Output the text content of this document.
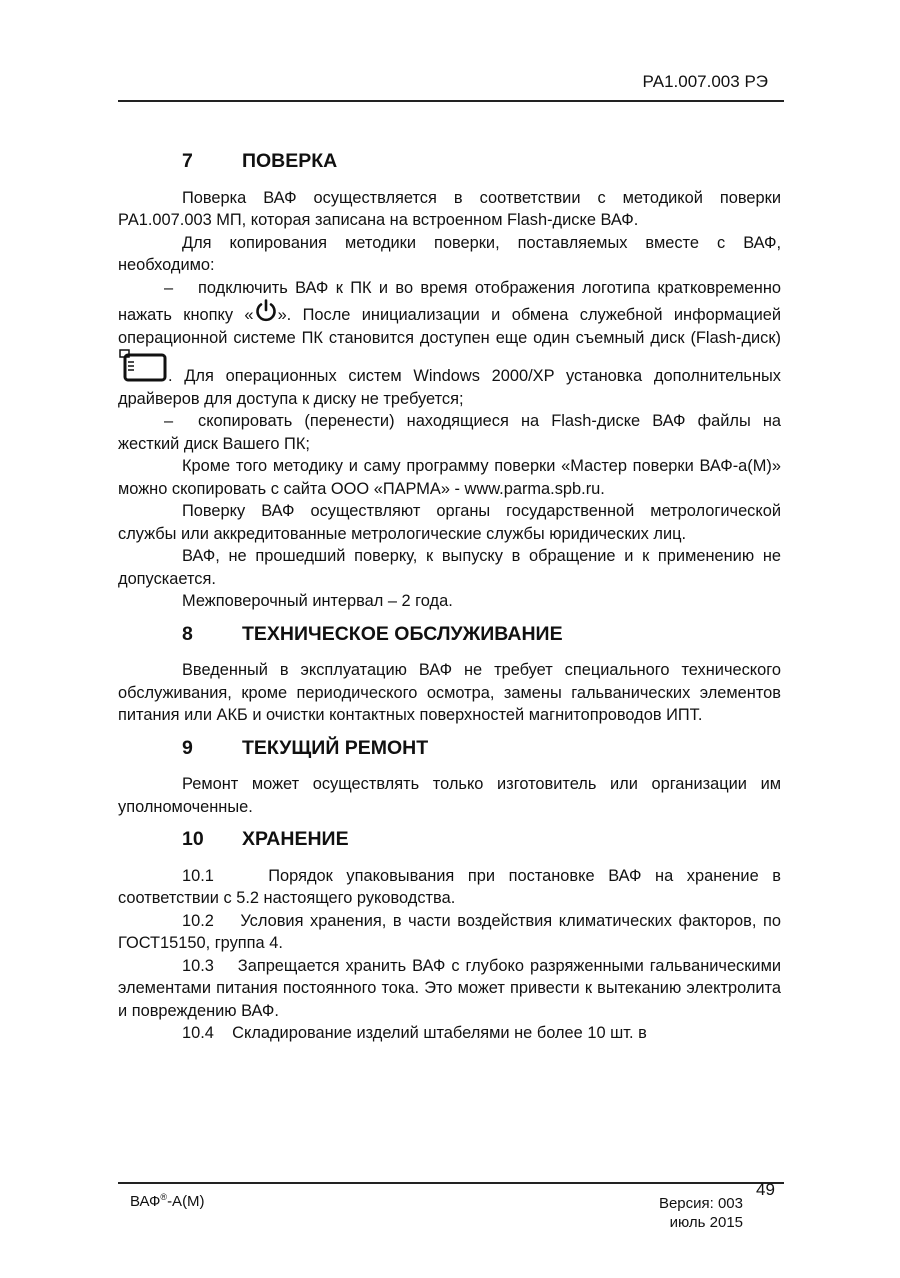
РА1.007.003 РЭ
7	ПОВЕРКА

Поверка ВАФ осуществляется в соответствии с методикой поверки РА1.007.003 МП, которая записана на встроенном Flash-диске ВАФ.

Для копирования методики поверки, поставляемых вместе с ВАФ, необходимо:

– подключить ВАФ к ПК и во время отображения логотипа кратковременно нажать кнопку « ». После инициализации и обмена служебной информацией операционной системе ПК становится доступен еще один съемный диск (Flash-диск) . Для операционных систем Windows 2000/XP установка дополнительных драйверов для доступа к диску не требуется;

– скопировать (перенести) находящиеся на Flash-диске ВАФ файлы на жесткий диск Вашего ПК;

Кроме того методику и саму программу поверки «Мастер поверки ВАФ-а(М)» можно скопировать с сайта ООО «ПАРМА» - www.parma.spb.ru.

Поверку ВАФ осуществляют органы государственной метрологической службы или аккредитованные метрологические службы юридических лиц.

ВАФ, не прошедший поверку, к выпуску в обращение и к применению не допускается.

Межповерочный интервал – 2 года.

8	ТЕХНИЧЕСКОЕ ОБСЛУЖИВАНИЕ

Введенный в эксплуатацию ВАФ не требует специального технического обслуживания, кроме периодического осмотра, замены гальванических элементов питания или АКБ и очистки контактных поверхностей магнитопроводов ИПТ.

9	ТЕКУЩИЙ РЕМОНТ

Ремонт может осуществлять только изготовитель или организации им уполномоченные.

10	ХРАНЕНИЕ

10.1	Порядок упаковывания при постановке ВАФ на хранение в соответствии с 5.2 настоящего руководства.

10.2 Условия хранения, в части воздействия климатических факторов, по ГОСТ15150, группа 4.

10.3 Запрещается хранить ВАФ с глубоко разряженными гальваническими элементами питания постоянного тока. Это может привести к вытеканию электролита и повреждению ВАФ.

10.4 Складирование изделий штабелями не более 10 шт. в

ВАФ®-А(М)	Версия: 003
июль 2015
49
